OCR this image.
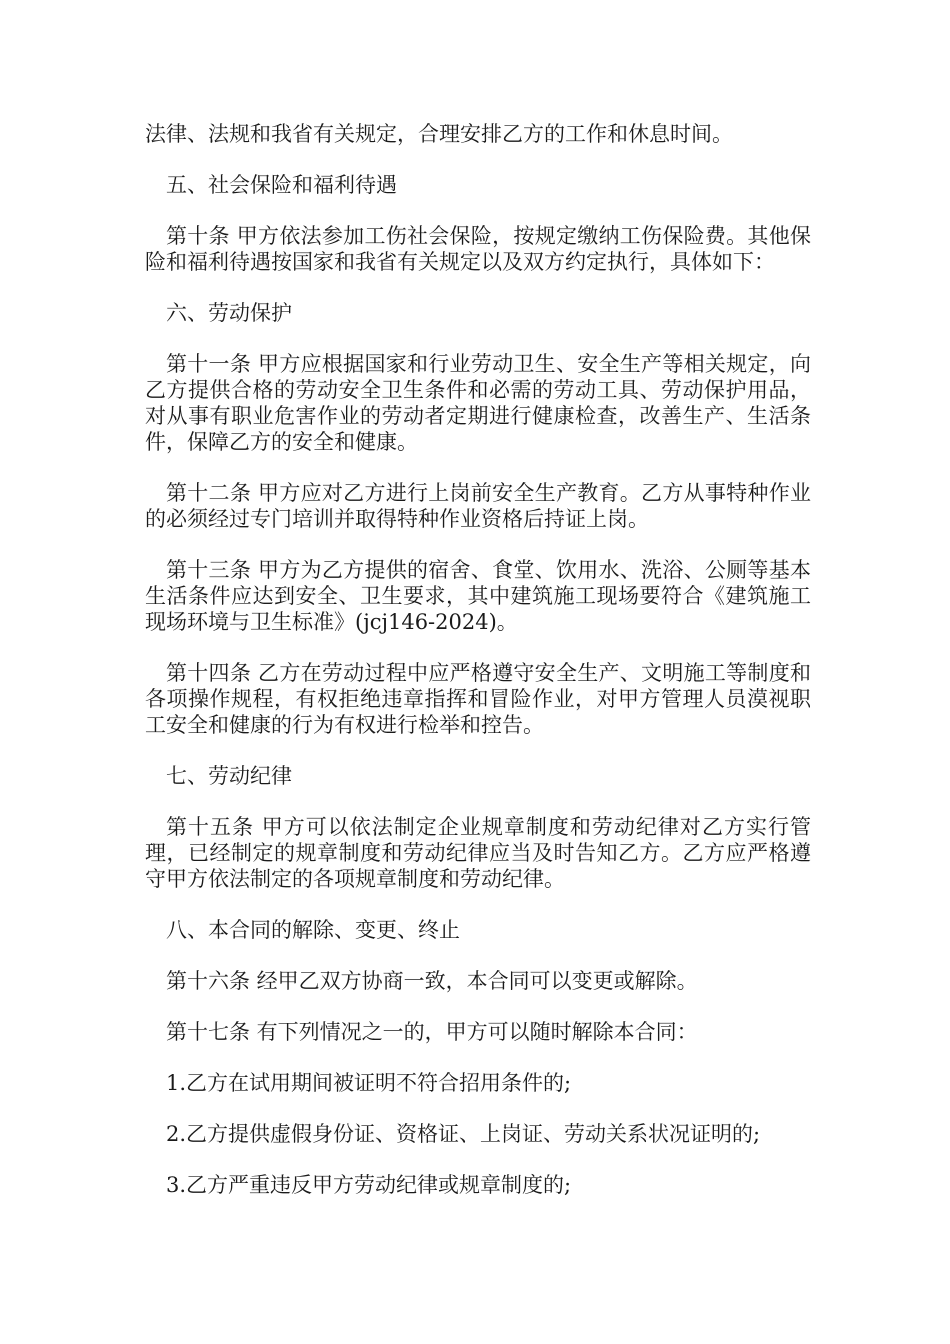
法律、法规和我省有关规定，合理安排乙方的工作和休息时间。

五、社会保险和福利待遇

第十条 甲方依法参加工伤社会保险，按规定缴纳工伤保险费。其他保险和福利待遇按国家和我省有关规定以及双方约定执行，具体如下：

六、劳动保护

第十一条 甲方应根据国家和行业劳动卫生、安全生产等相关规定，向乙方提供合格的劳动安全卫生条件和必需的劳动工具、劳动保护用品，对从事有职业危害作业的劳动者定期进行健康检查，改善生产、生活条件，保障乙方的安全和健康。

第十二条 甲方应对乙方进行上岗前安全生产教育。乙方从事特种作业的必须经过专门培训并取得特种作业资格后持证上岗。

第十三条 甲方为乙方提供的宿舍、食堂、饮用水、洗浴、公厕等基本生活条件应达到安全、卫生要求，其中建筑施工现场要符合《建筑施工现场环境与卫生标准》(jcj146-2024)。

第十四条 乙方在劳动过程中应严格遵守安全生产、文明施工等制度和各项操作规程，有权拒绝违章指挥和冒险作业，对甲方管理人员漠视职工安全和健康的行为有权进行检举和控告。

七、劳动纪律

第十五条 甲方可以依法制定企业规章制度和劳动纪律对乙方实行管理，已经制定的规章制度和劳动纪律应当及时告知乙方。乙方应严格遵守甲方依法制定的各项规章制度和劳动纪律。

八、本合同的解除、变更、终止

第十六条 经甲乙双方协商一致，本合同可以变更或解除。

第十七条 有下列情况之一的，甲方可以随时解除本合同：

1.乙方在试用期间被证明不符合招用条件的;

2.乙方提供虚假身份证、资格证、上岗证、劳动关系状况证明的;

3.乙方严重违反甲方劳动纪律或规章制度的;
